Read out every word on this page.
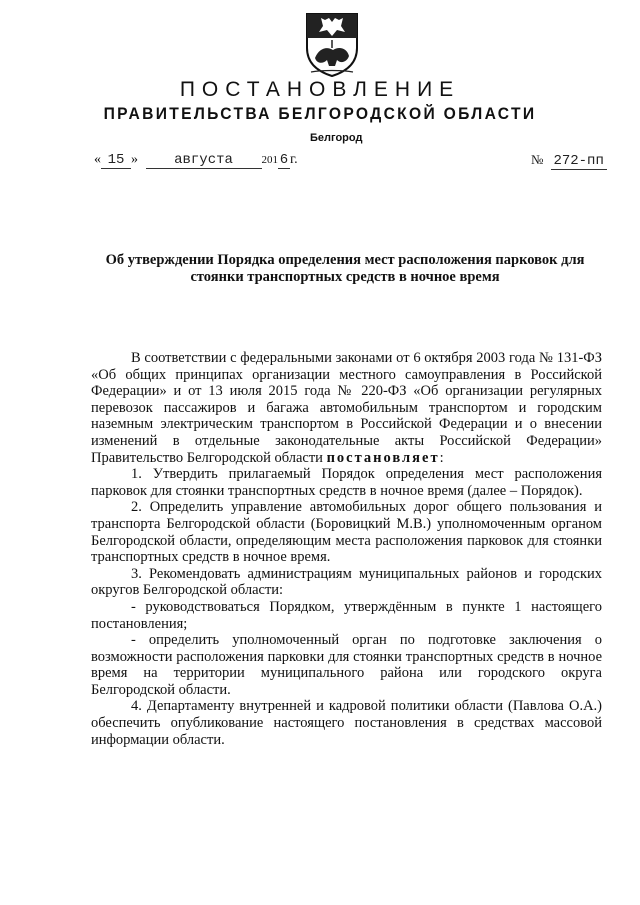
ПОСТАНОВЛЕНИЕ
ПРАВИТЕЛЬСТВА БЕЛГОРОДСКОЙ ОБЛАСТИ
Белгород
« 15 »	августа	201 6 г.	№ 272-пп
Об утверждении Порядка определения мест расположения парковок для стоянки транспортных средств в ночное время

В соответствии с федеральными законами от 6 октября 2003 года № 131-ФЗ «Об общих принципах организации местного самоуправления в Российской Федерации» и от 13 июля 2015 года № 220-ФЗ «Об организации регулярных перевозок пассажиров и багажа автомобильным транспортом и городским наземным электрическим транспортом в Российской Федерации и о внесении изменений в отдельные законодательные акты Российской Федерации» Правительство Белгородской области постановляет:

1. Утвердить прилагаемый Порядок определения мест расположения парковок для стоянки транспортных средств в ночное время (далее – Порядок).

2. Определить управление автомобильных дорог общего пользования и транспорта Белгородской области (Боровицкий М.В.) уполномоченным органом Белгородской области, определяющим места расположения парковок для стоянки транспортных средств в ночное время.

3. Рекомендовать администрациям муниципальных районов и городских округов Белгородской области:

- руководствоваться Порядком, утверждённым в пункте 1 настоящего постановления;

- определить уполномоченный орган по подготовке заключения о возможности расположения парковки для стоянки транспортных средств в ночное время на территории муниципального района или городского округа Белгородской области.

4. Департаменту внутренней и кадровой политики области (Павлова О.А.) обеспечить опубликование настоящего постановления в средствах массовой информации области.
